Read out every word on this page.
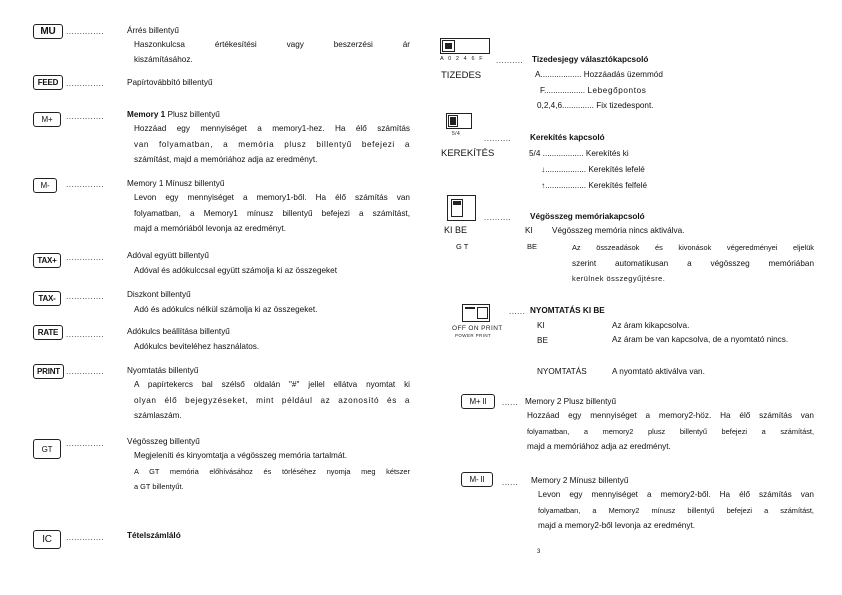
MU	..............	Árrés billentyű
Haszonkulcsa	értékesítési	vagy	beszerzési	ár
kiszámításához.
FEED ..............	Papírtovábbító billentyű
M+	..............	Memory 1 Plusz billentyű
Hozzáad egy mennyiséget a memory1-hez. Ha élő számítás
van folyamatban, a memória plusz billentyű befejezi a
számítást, majd a memóriához adja az eredményt.
M-	..............	Memory 1 Mínusz billentyű
Levon egy mennyiséget a memory1-ből. Ha élő számítás van
folyamatban, a Memory1 mínusz billentyű befejezi a számítást,
majd a memóriából levonja az eredményt.
TAX+	..............	Adóval együtt billentyű
Adóval és adókulccsal együtt számolja ki az összegeket
TAX-	..............	Diszkont billentyű
Adó és adókulcs nélkül számolja ki az összegeket.
RATE ..............	Adókulcs beállítása billentyű
Adókulcs beviteléhez használatos.
PRINT ..............	Nyomtatás billentyű
A papírtekercs bal szélső oldalán "#" jellel ellátva nyomtat ki
olyan élő bejegyzéseket, mint például az azonosító és a
számlaszám.
GT
..............	Végösszeg billentyű
Megjeleníti és kinyomtatja a végösszeg memória tartalmát.
A GT memória előhívásához és törléséhez nyomja meg kétszer
a GT billentyűt.
IC	..............	Tételszámláló
A 0 2 4 6 F
TIZEDES
.......... Tizedesjegy választókapcsoló
A.................. Hozzáadás üzemmód
F.................. Lebegőpontos
0,2,4,6.............. Fix tizedespont.
5/4
KEREKÍTÉS
.......... Kerekítés kapcsoló
5/4 .................. Kerekítés ki
↓.................. Kerekítés lefelé
↑.................. Kerekítés felfelé
KI BE
G T
.......... Végösszeg memóriakapcsoló
KI Végösszeg memória nincs aktiválva.
BE	Az összeadások és kivonások végeredményei eljelük
szerint automatikusan a végösszeg memóriában
kerülnek összegyűjtésre.
OFF ON PRINT
POWER PRINT
...... NYOMTATÁS KI BE
KI	Az áram kikapcsolva.
BE	Az áram be van kapcsolva, de a nyomtató nincs.
NYOMTATÁS	A nyomtató aktiválva van.
M+ II	...... Memory 2 Plusz billentyű
Hozzáad egy mennyiséget a memory2-höz. Ha élő számítás van
folyamatban, a memory2 plusz billentyű befejezi a számítást,
majd a memóriához adja az eredményt.
M- II	...... Memory 2 Mínusz billentyű
Levon egy mennyiséget a memory2-ből. Ha élő számítás van
folyamatban, a Memory2 mínusz billentyű befejezi a számítást,
majd a memory2-ből levonja az eredményt.
3
